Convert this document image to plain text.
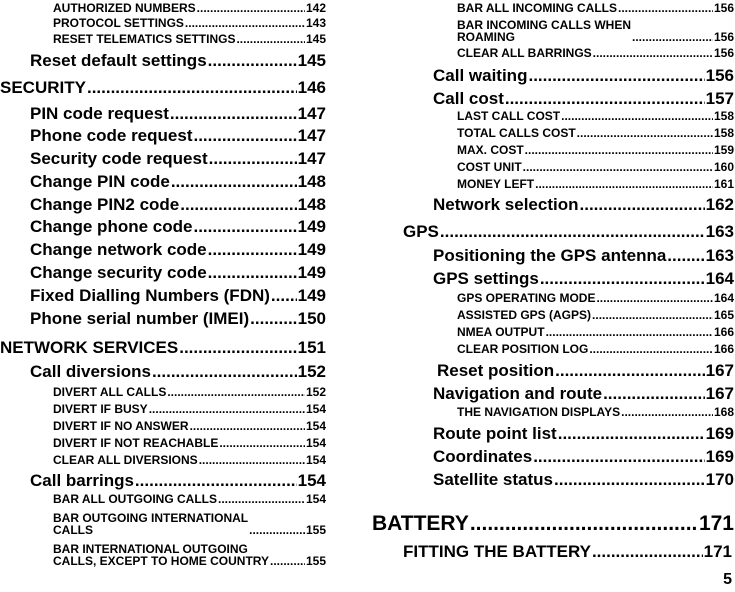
AUTHORIZED NUMBERS .....	142
PROTOCOL SETTINGS .....	143
RESET TELEMATICS SETTINGS .....	145
Reset default settings .....	145
SECURITY .....	146
PIN code request .....	147
Phone code request .....	147
Security code request .....	147
Change PIN code .....	148
Change PIN2 code .....	148
Change phone code .....	149
Change network code .....	149
Change security code .....	149
Fixed Dialling Numbers (FDN) ..... 149
Phone serial number (IMEI) .....	150
NETWORK SERVICES .....	151
Call diversions .....	152
DIVERT ALL CALLS .....	152
DIVERT IF BUSY .....	154
DIVERT IF NO ANSWER .....	154
DIVERT IF NOT REACHABLE .....	154
CLEAR ALL DIVERSIONS .....	154
Call barrings .....	154
BAR ALL OUTGOING CALLS .....	154
BAR OUTGOING INTERNATIONAL
CALLS .....	155
BAR INTERNATIONAL OUTGOING
CALLS, EXCEPT TO HOME COUNTRY .....	155
BAR ALL INCOMING CALLS .....	156
BAR INCOMING CALLS WHEN
ROAMING .....	156
CLEAR ALL BARRINGS .....	156
Call waiting .....	156
Call cost .....	157
LAST CALL COST .....	158
TOTAL CALLS COST .....	158
MAX. COST .....	159
COST UNIT .....	160
MONEY LEFT .....	161
Network selection .....	162
GPS .....	163
Positioning the GPS antenna ..... 163
GPS settings .....	164
GPS OPERATING MODE .....	164
ASSISTED GPS (AGPS) .....	165
NMEA OUTPUT .....	166
CLEAR POSITION LOG .....	166
Reset position .....	167
Navigation and route .....	167
THE NAVIGATION DISPLAYS .....	168
Route point list .....	169
Coordinates .....	169
Satellite status .....	170
BATTERY .....	171
FITTING THE BATTERY .....	171
5
